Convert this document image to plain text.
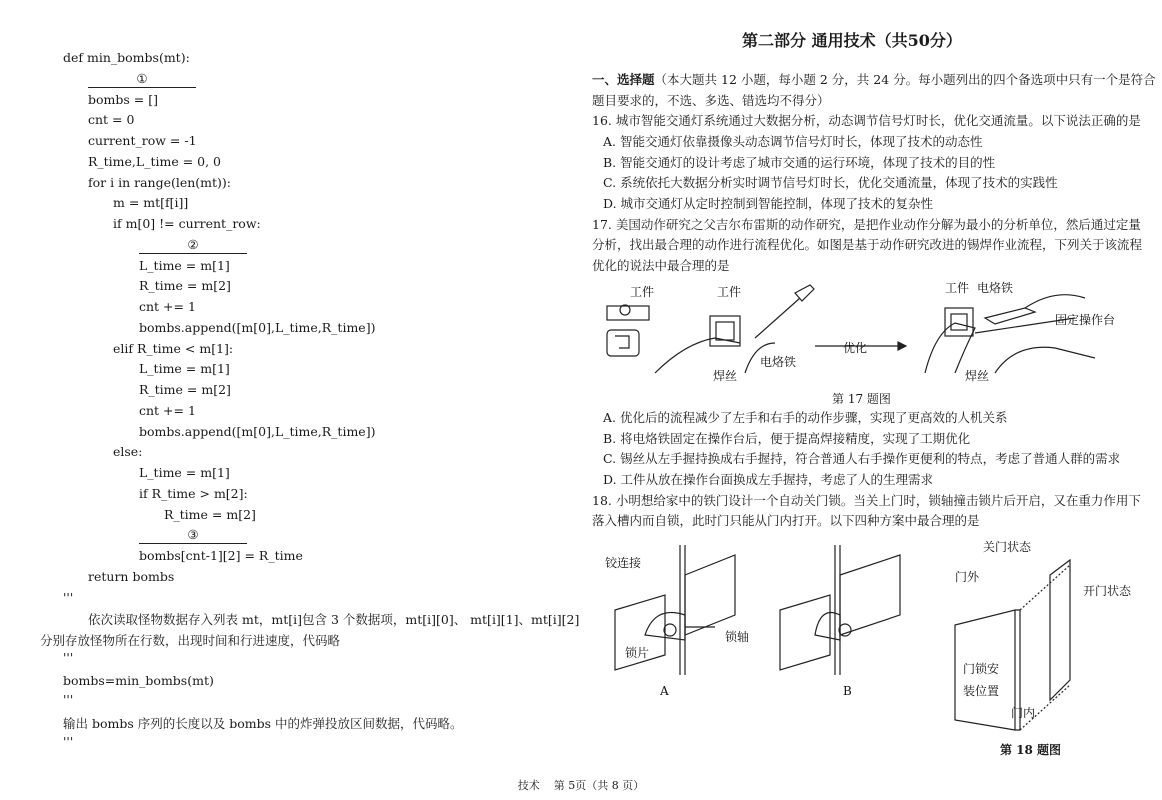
def min_bombs(mt):
①
bombs = []
cnt = 0
current_row = -1
R_time,L_time = 0, 0
for i in range(len(mt)):
m = mt[f[i]]
if m[0] != current_row:
②
L_time = m[1]
R_time = m[2]
cnt += 1
bombs.append([m[0],L_time,R_time])
elif R_time < m[1]:
L_time = m[1]
R_time = m[2]
cnt += 1
bombs.append([m[0],L_time,R_time])
else:
L_time = m[1]
if R_time > m[2]:
R_time = m[2]
③
bombs[cnt-1][2] = R_time
return bombs
'''
依次读取怪物数据存入列表 mt，mt[i]包含 3 个数据项，mt[i][0]、 mt[i][1]、mt[i][2]
分别存放怪物所在行数，出现时间和行进速度，代码略
'''
bombs=min_bombs(mt)
'''
输出 bombs 序列的长度以及 bombs 中的炸弹投放区间数据，代码略。
'''
第二部分 通用技术（共50分）
一、选择题（本大题共 12 小题，每小题 2 分，共 24 分。每小题列出的四个备选项中只有一个是符合
题目要求的，不选、多选、错选均不得分）
16. 城市智能交通灯系统通过大数据分析，动态调节信号灯时长，优化交通流量。以下说法正确的是
A. 智能交通灯依靠摄像头动态调节信号灯时长，体现了技术的动态性
B. 智能交通灯的设计考虑了城市交通的运行环境，体现了技术的目的性
C. 系统依托大数据分析实时调节信号灯时长，优化交通流量，体现了技术的实践性
D. 城市交通灯从定时控制到智能控制，体现了技术的复杂性
17. 美国动作研究之父吉尔布雷斯的动作研究，是把作业动作分解为最小的分析单位，然后通过定量
分析，找出最合理的动作进行流程优化。如图是基于动作研究改进的锡焊作业流程，下列关于该流程
优化的说法中最合理的是
工件	工件
电烙铁
焊丝
优化
工件 电烙铁
固定操作台
焊丝
第 17 题图
A. 优化后的流程减少了左手和右手的动作步骤，实现了更高效的人机关系
B. 将电烙铁固定在操作台后，便于提高焊接精度，实现了工期优化
C. 锡丝从左手握持换成右手握持，符合普通人右手操作更便利的特点，考虑了普通人群的需求
D. 工件从放在操作台面换成左手握持，考虑了人的生理需求
18. 小明想给家中的铁门设计一个自动关门锁。当关上门时，锁轴撞击锁片后开启，又在重力作用下
落入槽内而自锁，此时门只能从门内打开。以下四种方案中最合理的是
铰连接
锁轴
锁片
A	B
关门状态
门外
开门状态
门锁安
装位置
门内
第 18 题图
技术 第 5页（共 8 页）
